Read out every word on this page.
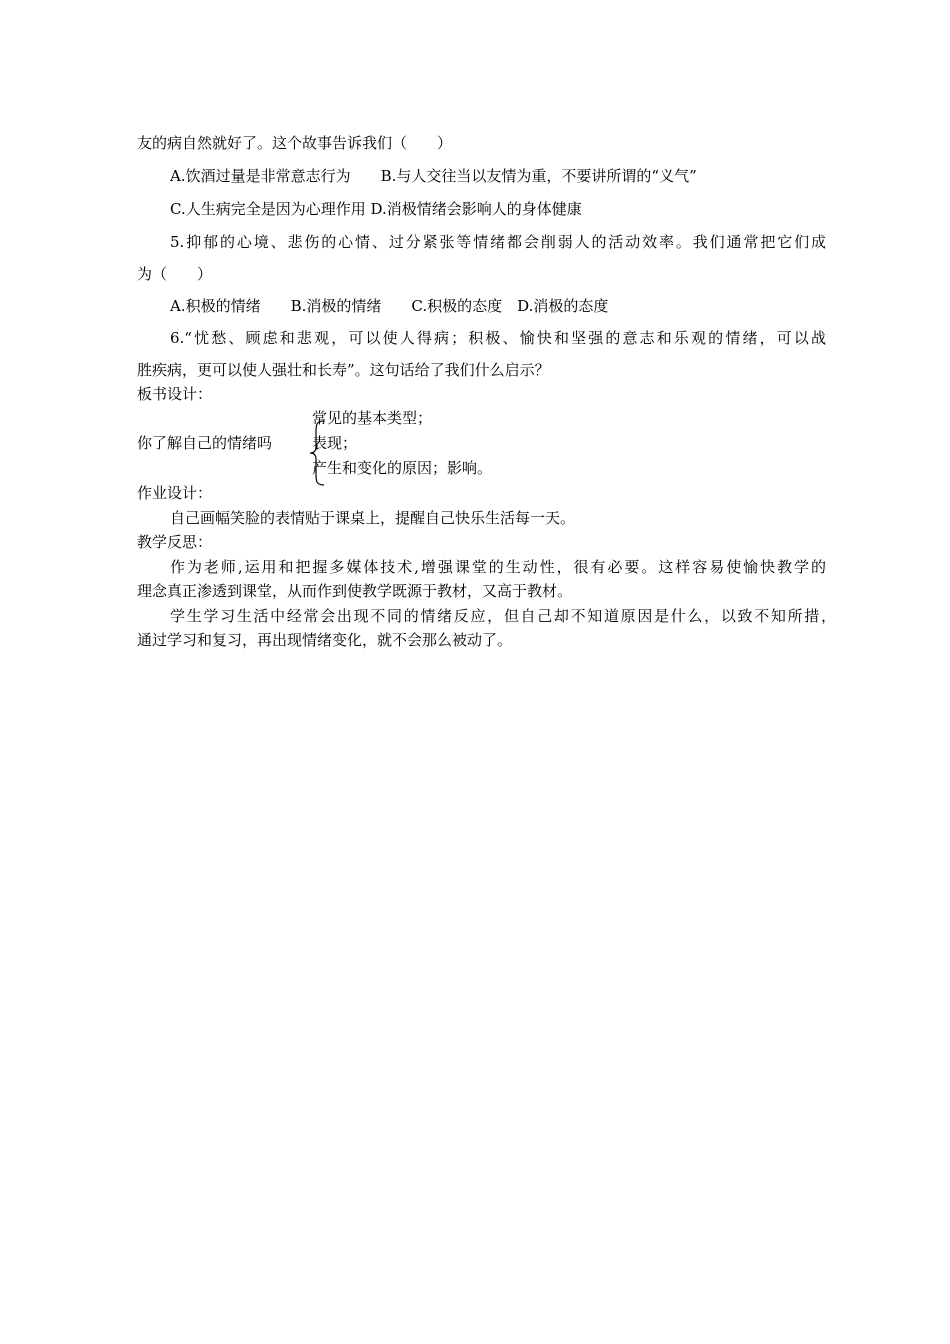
友的病自然就好了。这个故事告诉我们（　　）
A.饮酒过量是非常意志行为　　B.与人交往当以友情为重，不要讲所谓的“义气”
C.人生病完全是因为心理作用 D.消极情绪会影响人的身体健康
5.抑郁的心境、悲伤的心情、过分紧张等情绪都会削弱人的活动效率。我们通常把它们成
为（　　）
A.积极的情绪　　B.消极的情绪　　C.积极的态度　D.消极的态度
6.“忧愁、顾虑和悲观，可以使人得病；积极、愉快和坚强的意志和乐观的情绪，可以战
胜疾病，更可以使人强壮和长寿”。这句话给了我们什么启示？
板书设计：
常见的基本类型；
你了解自己的情绪吗	表现；
产生和变化的原因；影响。
作业设计：
自己画幅笑脸的表情贴于课桌上，提醒自己快乐生活每一天。
教学反思：
作为老师,运用和把握多媒体技术,增强课堂的生动性，很有必要。这样容易使愉快教学的
理念真正渗透到课堂，从而作到使教学既源于教材，又高于教材。
学生学习生活中经常会出现不同的情绪反应，但自己却不知道原因是什么，以致不知所措，
通过学习和复习，再出现情绪变化，就不会那么被动了。
